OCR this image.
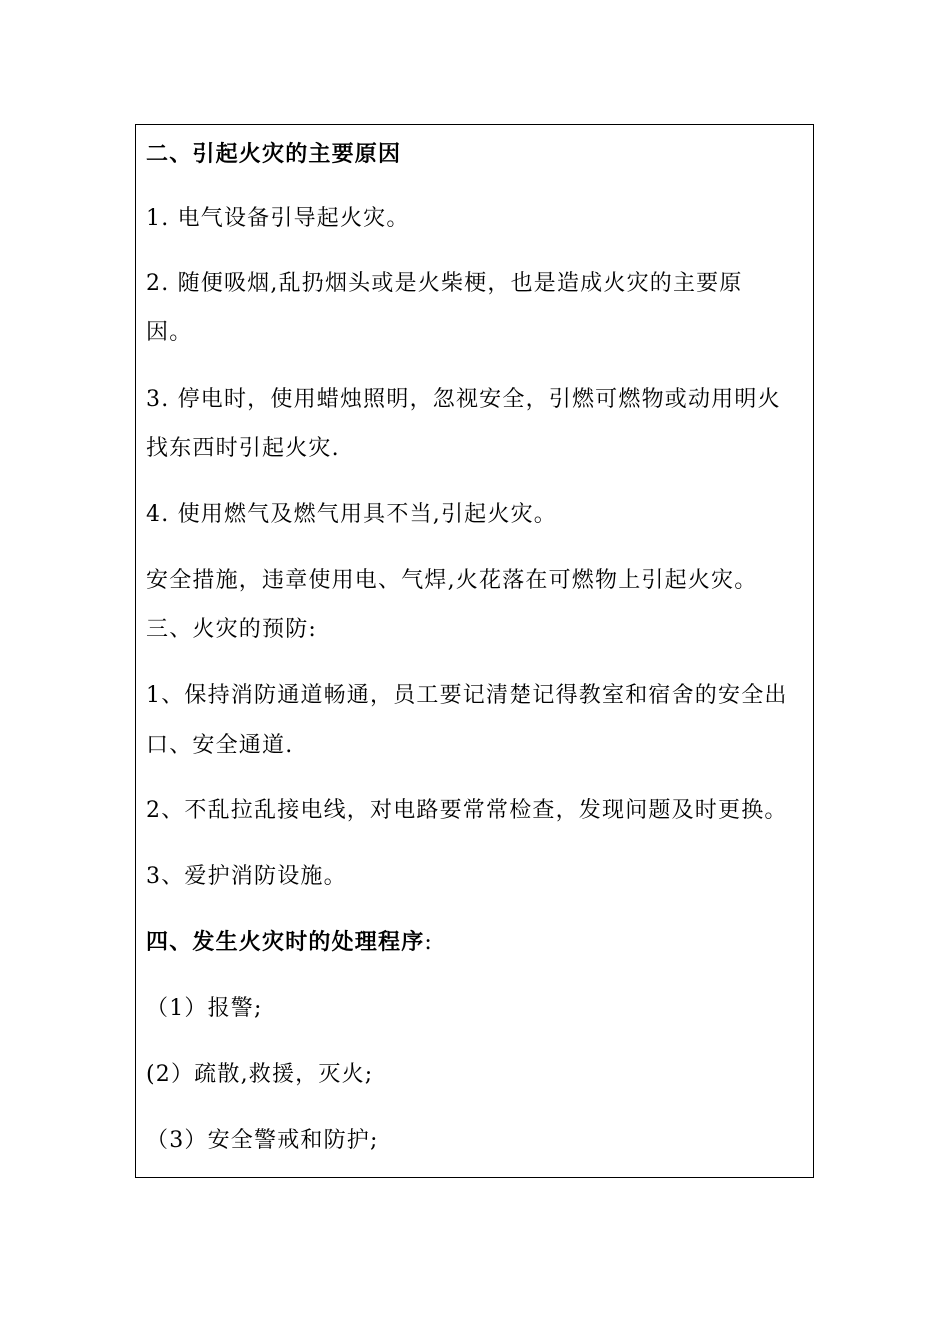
二、引起火灾的主要原因
1. 电气设备引导起火灾。
2. 随便吸烟,乱扔烟头或是火柴梗，也是造成火灾的主要原
因。
3. 停电时，使用蜡烛照明，忽视安全，引燃可燃物或动用明火
找东西时引起火灾.
4. 使用燃气及燃气用具不当,引起火灾。
安全措施，违章使用电、气焊,火花落在可燃物上引起火灾。
三、火灾的预防:
1、保持消防通道畅通，员工要记清楚记得教室和宿舍的安全出
口、安全通道.
2、不乱拉乱接电线，对电路要常常检查，发现问题及时更换。
3、爱护消防设施。
四、发生火灾时的处理程序:
（1）报警;
(2）疏散,救援，灭火;
（3）安全警戒和防护;
